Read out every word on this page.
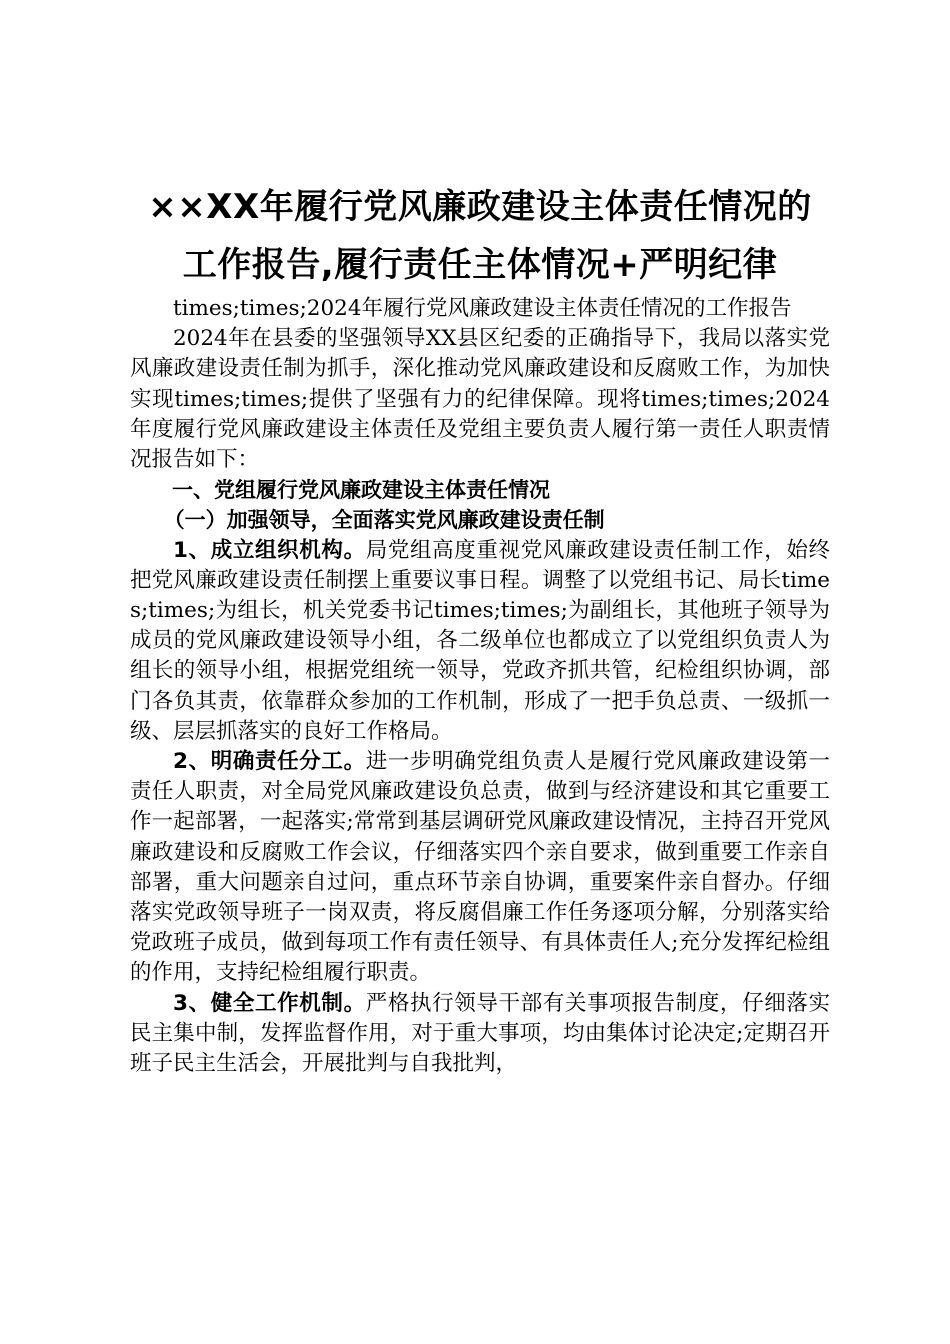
××XX年履行党风廉政建设主体责任情况的
工作报告,履行责任主体情况+严明纪律

times;times;2024年履行党风廉政建设主体责任情况的工作报告

2024年在县委的坚强领导XX县区纪委的正确指导下，我局以落实党风廉政建设责任制为抓手，深化推动党风廉政建设和反腐败工作，为加快实现times;times;提供了坚强有力的纪律保障。现将times;times;2024年度履行党风廉政建设主体责任及党组主要负责人履行第一责任人职责情况报告如下：

一、党组履行党风廉政建设主体责任情况

（一）加强领导，全面落实党风廉政建设责任制

1、成立组织机构。局党组高度重视党风廉政建设责任制工作，始终把党风廉政建设责任制摆上重要议事日程。调整了以党组书记、局长times;times;为组长，机关党委书记times;times;为副组长，其他班子领导为成员的党风廉政建设领导小组，各二级单位也都成立了以党组织负责人为组长的领导小组，根据党组统一领导，党政齐抓共管，纪检组织协调，部门各负其责，依靠群众参加的工作机制，形成了一把手负总责、一级抓一级、层层抓落实的良好工作格局。

2、明确责任分工。进一步明确党组负责人是履行党风廉政建设第一责任人职责，对全局党风廉政建设负总责，做到与经济建设和其它重要工作一起部署，一起落实;常常到基层调研党风廉政建设情况，主持召开党风廉政建设和反腐败工作会议，仔细落实四个亲自要求，做到重要工作亲自部署，重大问题亲自过问，重点环节亲自协调，重要案件亲自督办。仔细落实党政领导班子一岗双责，将反腐倡廉工作任务逐项分解，分别落实给党政班子成员，做到每项工作有责任领导、有具体责任人;充分发挥纪检组的作用，支持纪检组履行职责。

3、健全工作机制。严格执行领导干部有关事项报告制度，仔细落实民主集中制，发挥监督作用，对于重大事项，均由集体讨论决定;定期召开班子民主生活会，开展批判与自我批判，
